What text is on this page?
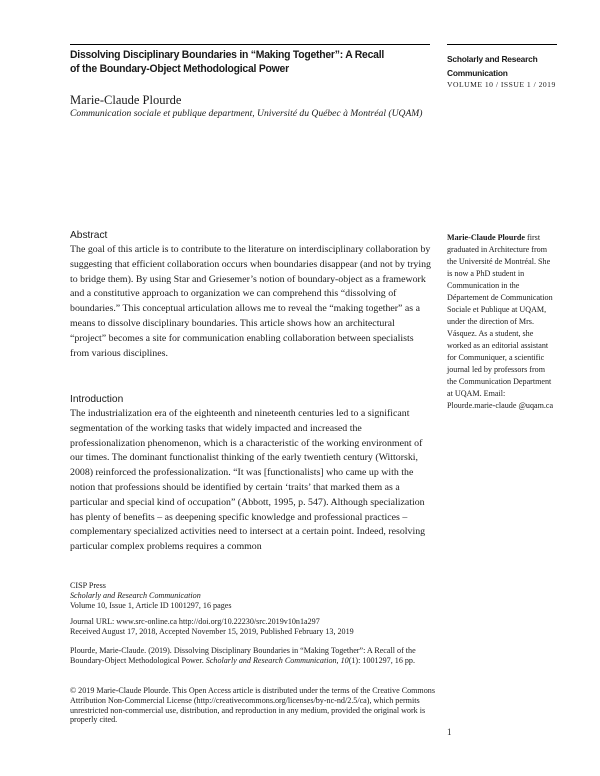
Dissolving Disciplinary Boundaries in “Making Together”: A Recall
of the Boundary-Object Methodological Power
Scholarly and Research
Communication
VOLUME 10 / ISSUE 1 / 2019
Marie-Claude Plourde
Communication sociale et publique department, Université du Québec à Montréal (UQAM)
Abstract
The goal of this article is to contribute to the literature on interdisciplinary collaboration by suggesting that efficient collaboration occurs when boundaries disappear (and not by trying to bridge them). By using Star and Griesemer’s notion of boundary-object as a framework and a constitutive approach to organization we can comprehend this “dissolving of boundaries.” This conceptual articulation allows me to reveal the “making together” as a means to dissolve disciplinary boundaries. This article shows how an architectural “project” becomes a site for communication enabling collaboration between specialists from various disciplines.
Introduction
The industrialization era of the eighteenth and nineteenth centuries led to a significant segmentation of the working tasks that widely impacted and increased the professionalization phenomenon, which is a characteristic of the working environment of our times. The dominant functionalist thinking of the early twentieth century (Wittorski, 2008) reinforced the professionalization. “It was [functionalists] who came up with the notion that professions should be identified by certain ‘traits’ that marked them as a particular and special kind of occupation” (Abbott, 1995, p. 547). Although specialization has plenty of benefits – as deepening specific knowledge and professional practices – complementary specialized activities need to intersect at a certain point. Indeed, resolving particular complex problems requires a common
Marie-Claude Plourde first graduated in Architecture from the Université de Montréal. She is now a PhD student in Communication in the Département de Communication Sociale et Publique at UQAM, under the direction of Mrs. Vásquez. As a student, she worked as an editorial assistant for Communiquer, a scientific journal led by professors from the Communication Department at UQAM. Email: Plourde.marie-claude @uqam.ca
CISP Press
Scholarly and Research Communication
Volume 10, Issue 1, Article ID 1001297, 16 pages
Journal URL: www.src-online.ca http://doi.org/10.22230/src.2019v10n1a297
Received August 17, 2018, Accepted November 15, 2019, Published February 13, 2019
Plourde, Marie-Claude. (2019). Dissolving Disciplinary Boundaries in “Making Together”: A Recall of the Boundary-Object Methodological Power. Scholarly and Research Communication, 10(1): 1001297, 16 pp.
© 2019 Marie-Claude Plourde. This Open Access article is distributed under the terms of the Creative Commons Attribution Non-Commercial License (http://creativecommons.org/licenses/by-nc-nd/2.5/ca), which permits unrestricted non-commercial use, distribution, and reproduction in any medium, provided the original work is properly cited.
1
